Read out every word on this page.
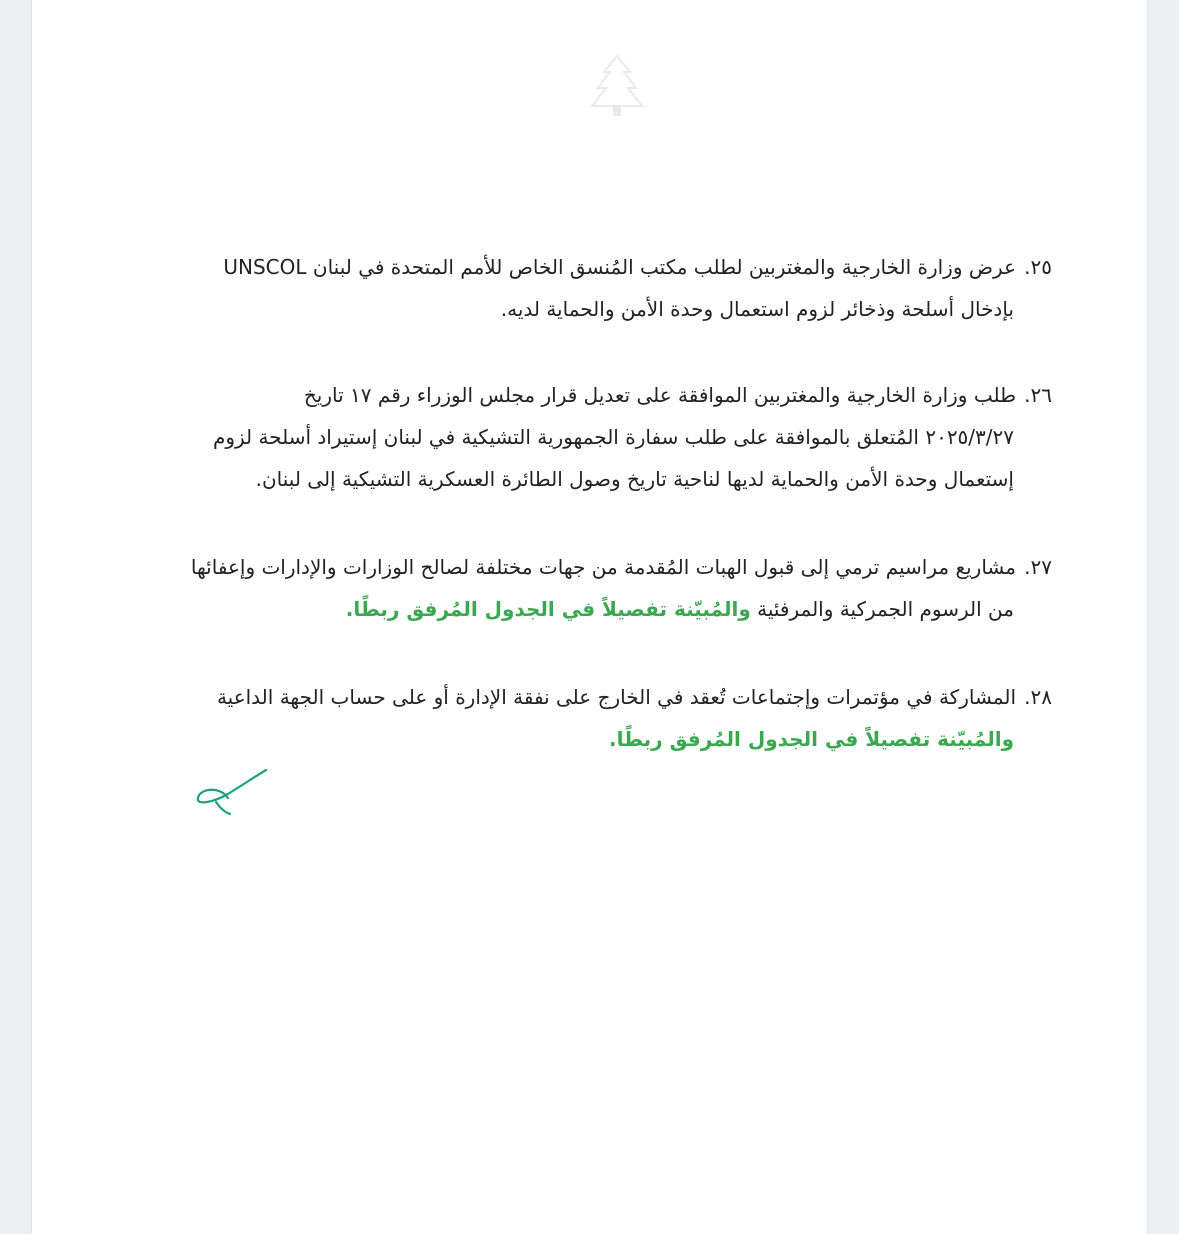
٢٥.عرض وزارة الخارجية والمغتربين لطلب مكتب المُنسق الخاص للأمم المتحدة في لبنان UNSCOL
بإدخال أسلحة وذخائر لزوم استعمال وحدة الأمن والحماية لديه.
٢٦.طلب وزارة الخارجية والمغتربين الموافقة على تعديل قرار مجلس الوزراء رقم ١٧ تاريخ
٢٠٢٥/٣/٢٧ المُتعلق بالموافقة على طلب سفارة الجمهورية التشيكية في لبنان إستيراد أسلحة لزوم
إستعمال وحدة الأمن والحماية لديها لناحية تاريخ وصول الطائرة العسكرية التشيكية إلى لبنان.
٢٧.مشاريع مراسيم ترمي إلى قبول الهبات المُقدمة من جهات مختلفة لصالح الوزارات والإدارات وإعفائها
من الرسوم الجمركية والمرفئية والمُبيّنة تفصيلاً في الجدول المُرفق ربطًا.
٢٨.المشاركة في مؤتمرات وإجتماعات تُعقد في الخارج على نفقة الإدارة أو على حساب الجهة الداعية
والمُبيّنة تفصيلاً في الجدول المُرفق ربطًا.
